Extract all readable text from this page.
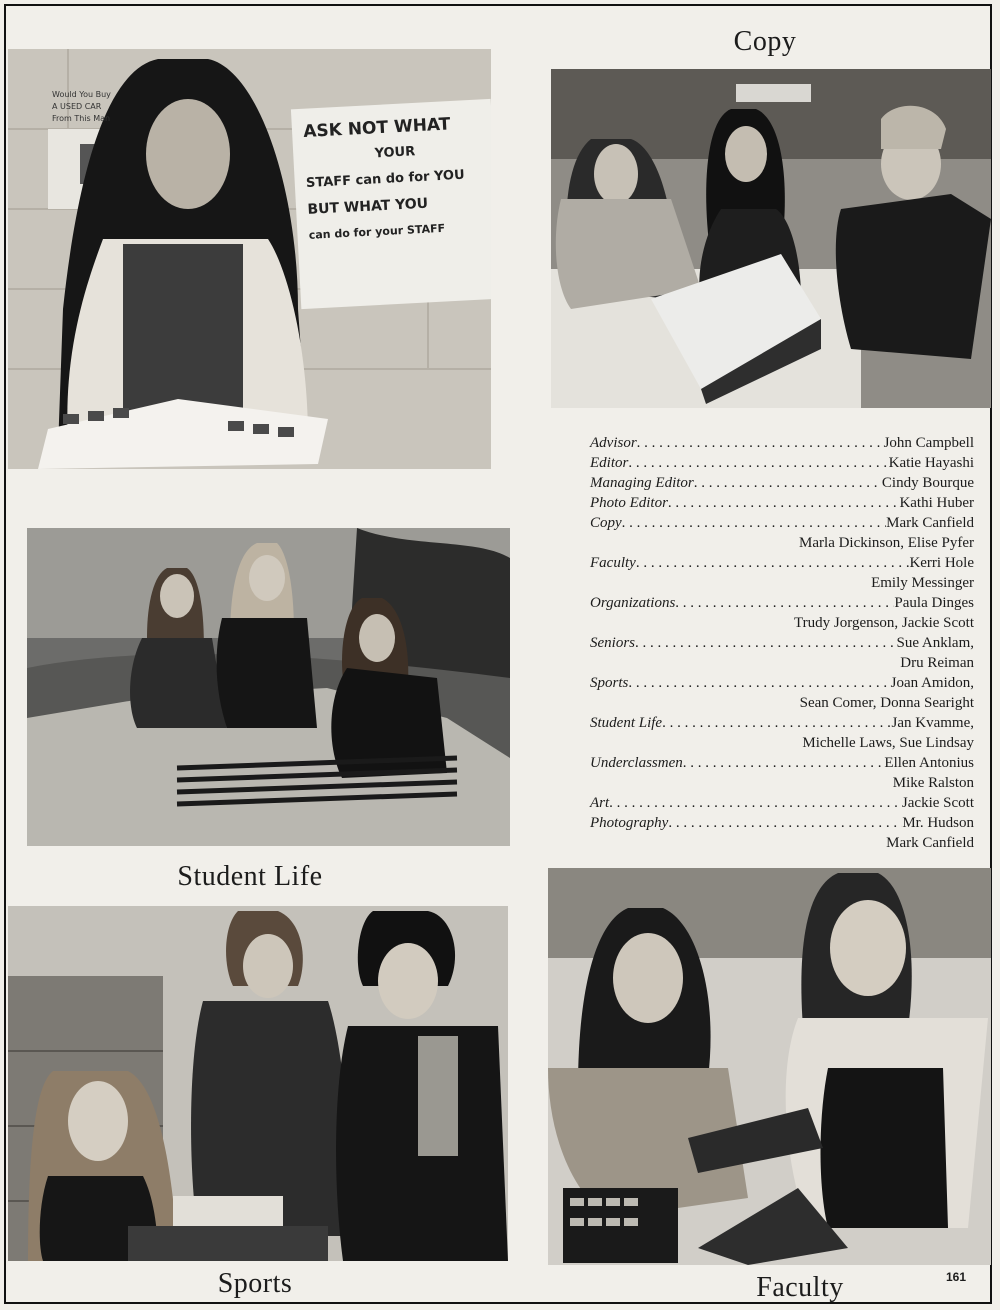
Would You Buy
A USED CAR
From This Man	ASK NOT WHAT
YOUR
STAFF can do for YOU
BUT WHAT YOU
can do for your STAFF
Copy
Advisor . . .	John Campbell
Editor . . .	Katie Hayashi
Managing Editor . . .	Cindy Bourque
Photo Editor . . .	Kathi Huber
Copy . . .	Mark Canfield
Marla Dickinson, Elise Pyfer
Faculty . . .	Kerri Hole
Emily Messinger
Organizations . . .	Paula Dinges
Trudy Jorgenson, Jackie Scott
Seniors . . .	Sue Anklam,
Dru Reiman
Sports . . .	Joan Amidon,
Sean Comer, Donna Searight
Student Life . . .	Jan Kvamme,
Michelle Laws, Sue Lindsay
Underclassmen . . .	Ellen Antonius
Mike Ralston
Art . . .	Jackie Scott
Photography . . .	Mr. Hudson
Mark Canfield
Student Life
Sports	Faculty	161
